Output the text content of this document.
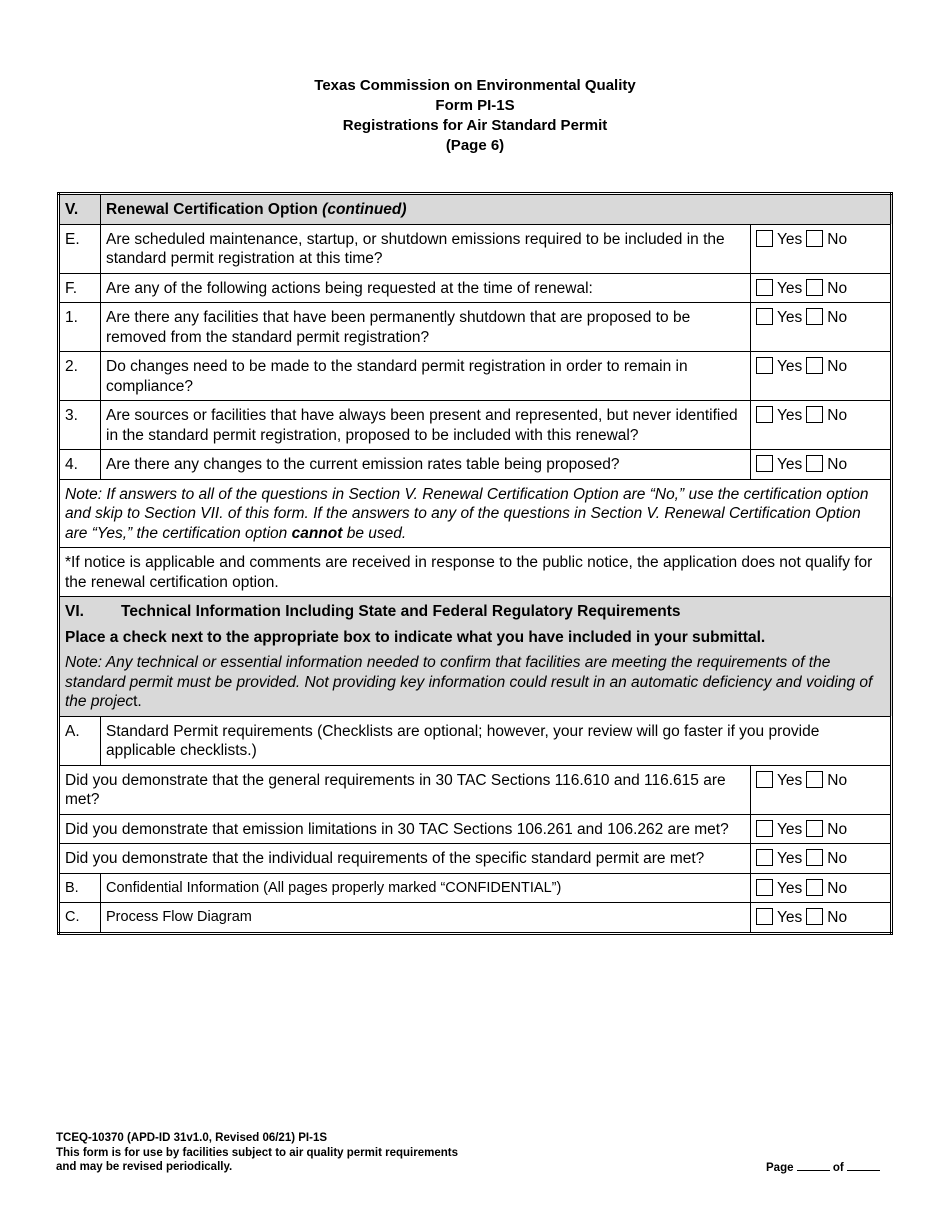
Texas Commission on Environmental Quality
Form PI-1S
Registrations for Air Standard Permit
(Page 6)
V.	Renewal Certification Option (continued)	
E.	Are scheduled maintenance, startup, or shutdown emissions required to be included in the standard permit registration at this time?	Yes No
F.	Are any of the following actions being requested at the time of renewal:	Yes No
1.	Are there any facilities that have been permanently shutdown that are proposed to be removed from the standard permit registration?	Yes No
2.	Do changes need to be made to the standard permit registration in order to remain in compliance?	Yes No
3.	Are sources or facilities that have always been present and represented, but never identified in the standard permit registration, proposed to be included with this renewal?	Yes No
4.	Are there any changes to the current emission rates table being proposed?	Yes No
Note: If answers to all of the questions in Section V. Renewal Certification Option are “No,” use the certification option and skip to Section VII. of this form. If the answers to any of the questions in Section V. Renewal Certification Option are “Yes,” the certification option cannot be used.		
*If notice is applicable and comments are received in response to the public notice, the application does not qualify for the renewal certification option.		
VI. Technical Information Including State and Federal Regulatory Requirements		
Place a check next to the appropriate box to indicate what you have included in your submittal.		
Note: Any technical or essential information needed to confirm that facilities are meeting the requirements of the standard permit must be provided. Not providing key information could result in an automatic deficiency and voiding of the project.		
A.	Standard Permit requirements (Checklists are optional; however, your review will go faster if you provide applicable checklists.)	
Did you demonstrate that the general requirements in 30 TAC Sections 116.610 and 116.615 are met?		Yes No
Did you demonstrate that emission limitations in 30 TAC Sections 106.261 and 106.262 are met?		Yes No
Did you demonstrate that the individual requirements of the specific standard permit are met?		Yes No
B.	Confidential Information (All pages properly marked “CONFIDENTIAL”)	Yes No
C.	Process Flow Diagram	Yes No
TCEQ-10370 (APD-ID 31v1.0, Revised 06/21) PI-1S
This form is for use by facilities subject to air quality permit requirements
and may be revised periodically.	Page	of
